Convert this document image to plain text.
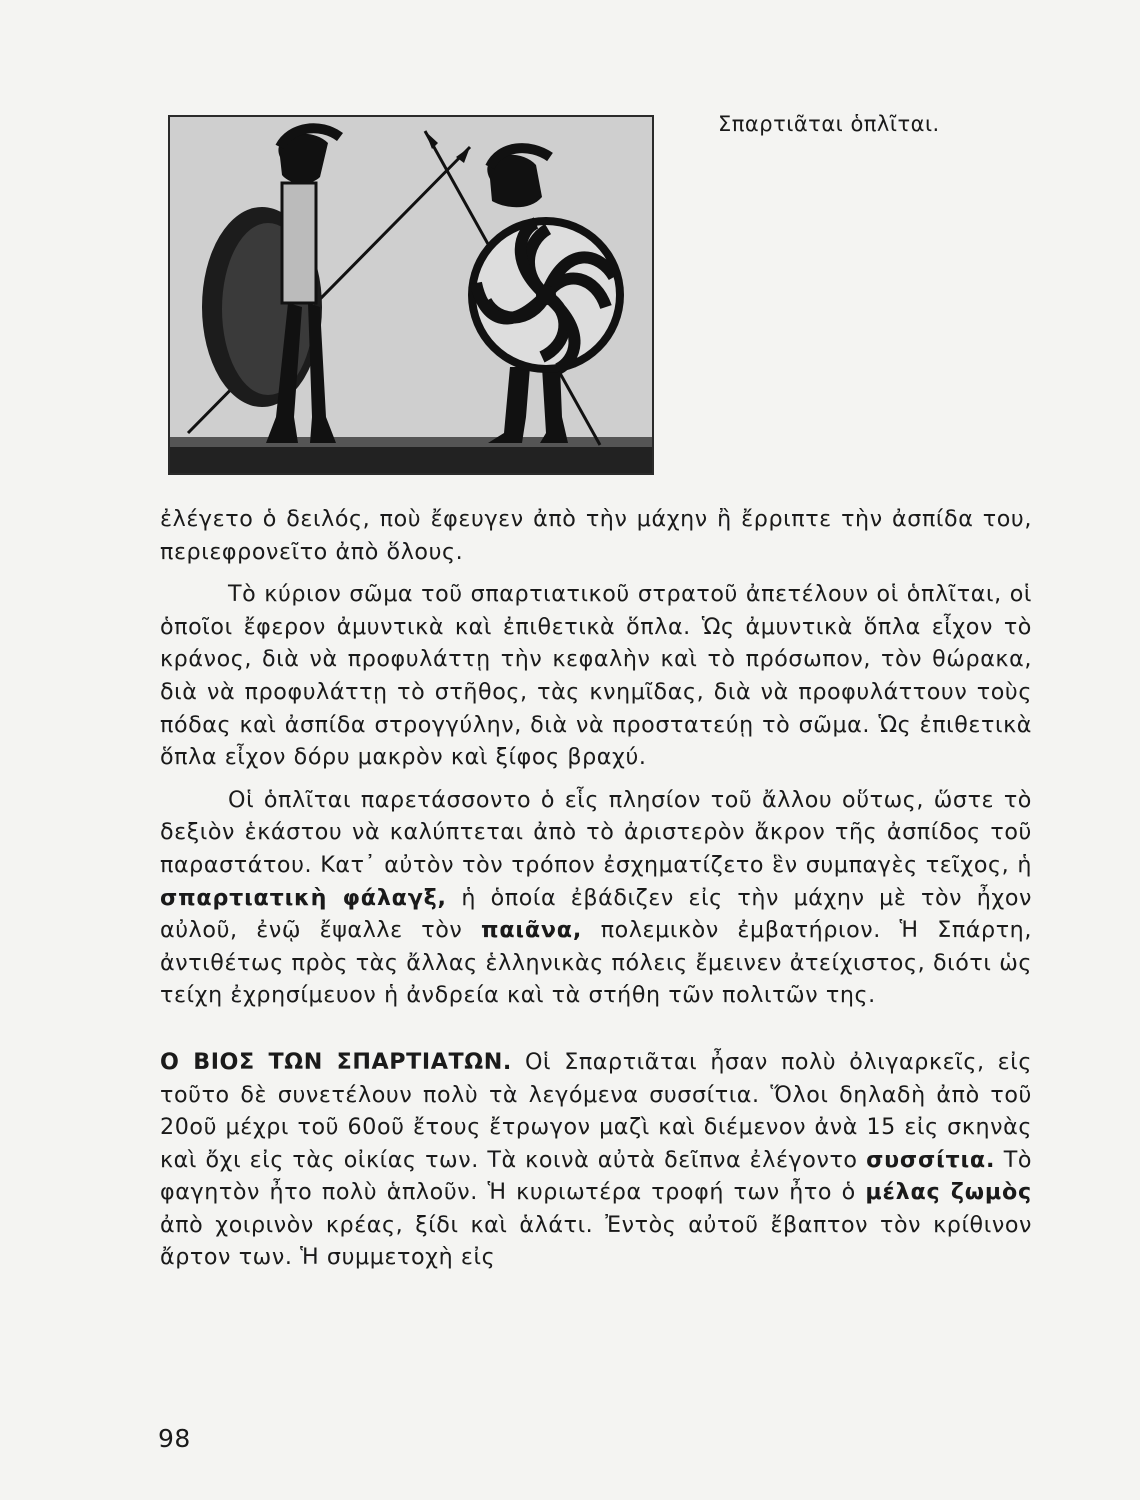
Σπαρτιᾶται ὁπλῖται.

ἐλέγετο ὁ δειλός, ποὺ ἔφευγεν ἀπὸ τὴν μάχην ἢ ἔρριπτε τὴν ἀσπίδα του, περιεφρονεῖτο ἀπὸ ὅλους.

Τὸ κύριον σῶμα τοῦ σπαρτιατικοῦ στρατοῦ ἀπετέλουν οἱ ὁπλῖται, οἱ ὁποῖοι ἔφερον ἀμυντικὰ καὶ ἐπιθετικὰ ὅπλα. Ὡς ἀμυντικὰ ὅπλα εἶχον τὸ κράνος, διὰ νὰ προφυλάττῃ τὴν κεφαλὴν καὶ τὸ πρόσωπον, τὸν θώρακα, διὰ νὰ προφυλάττῃ τὸ στῆθος, τὰς κνημῖδας, διὰ νὰ προφυλάττουν τοὺς πόδας καὶ ἀσπίδα στρογγύλην, διὰ νὰ προστατεύῃ τὸ σῶμα. Ὡς ἐπιθετικὰ ὅπλα εἶχον δόρυ μακρὸν καὶ ξίφος βραχύ.

Οἱ ὁπλῖται παρετάσσοντο ὁ εἷς πλησίον τοῦ ἄλλου οὕτως, ὥστε τὸ δεξιὸν ἑκάστου νὰ καλύπτεται ἀπὸ τὸ ἀριστερὸν ἄκρον τῆς ἀσπίδος τοῦ παραστάτου. Κατ᾽ αὐτὸν τὸν τρόπον ἐσχηματίζετο ἓν συμπαγὲς τεῖχος, ἡ σπαρτιατικὴ φάλαγξ, ἡ ὁποία ἐβάδιζεν εἰς τὴν μάχην μὲ τὸν ἦχον αὐλοῦ, ἐνῷ ἔψαλλε τὸν παιᾶνα, πολεμικὸν ἐμβατήριον. Ἡ Σπάρτη, ἀντιθέτως πρὸς τὰς ἄλλας ἑλληνικὰς πόλεις ἔμεινεν ἀτείχιστος, διότι ὡς τείχη ἐχρησίμευον ἡ ἀνδρεία καὶ τὰ στήθη τῶν πολιτῶν της.

Ο ΒΙΟΣ ΤΩΝ ΣΠΑΡΤΙΑΤΩΝ. Οἱ Σπαρτιᾶται ἦσαν πολὺ ὀλιγαρκεῖς, εἰς τοῦτο δὲ συνετέλουν πολὺ τὰ λεγόμενα συσσίτια. Ὅλοι δηλαδὴ ἀπὸ τοῦ 20οῦ μέχρι τοῦ 60οῦ ἔτους ἔτρωγον μαζὶ καὶ διέμενον ἀνὰ 15 εἰς σκηνὰς καὶ ὄχι εἰς τὰς οἰκίας των. Τὰ κοινὰ αὐτὰ δεῖπνα ἐλέγοντο συσσίτια. Τὸ φαγητὸν ἦτο πολὺ ἁπλοῦν. Ἡ κυριωτέρα τροφή των ἦτο ὁ μέλας ζωμὸς ἀπὸ χοιρινὸν κρέας, ξίδι καὶ ἁλάτι. Ἐντὸς αὐτοῦ ἔβαπτον τὸν κρίθινον ἄρτον των. Ἡ συμμετοχὴ εἰς

98
